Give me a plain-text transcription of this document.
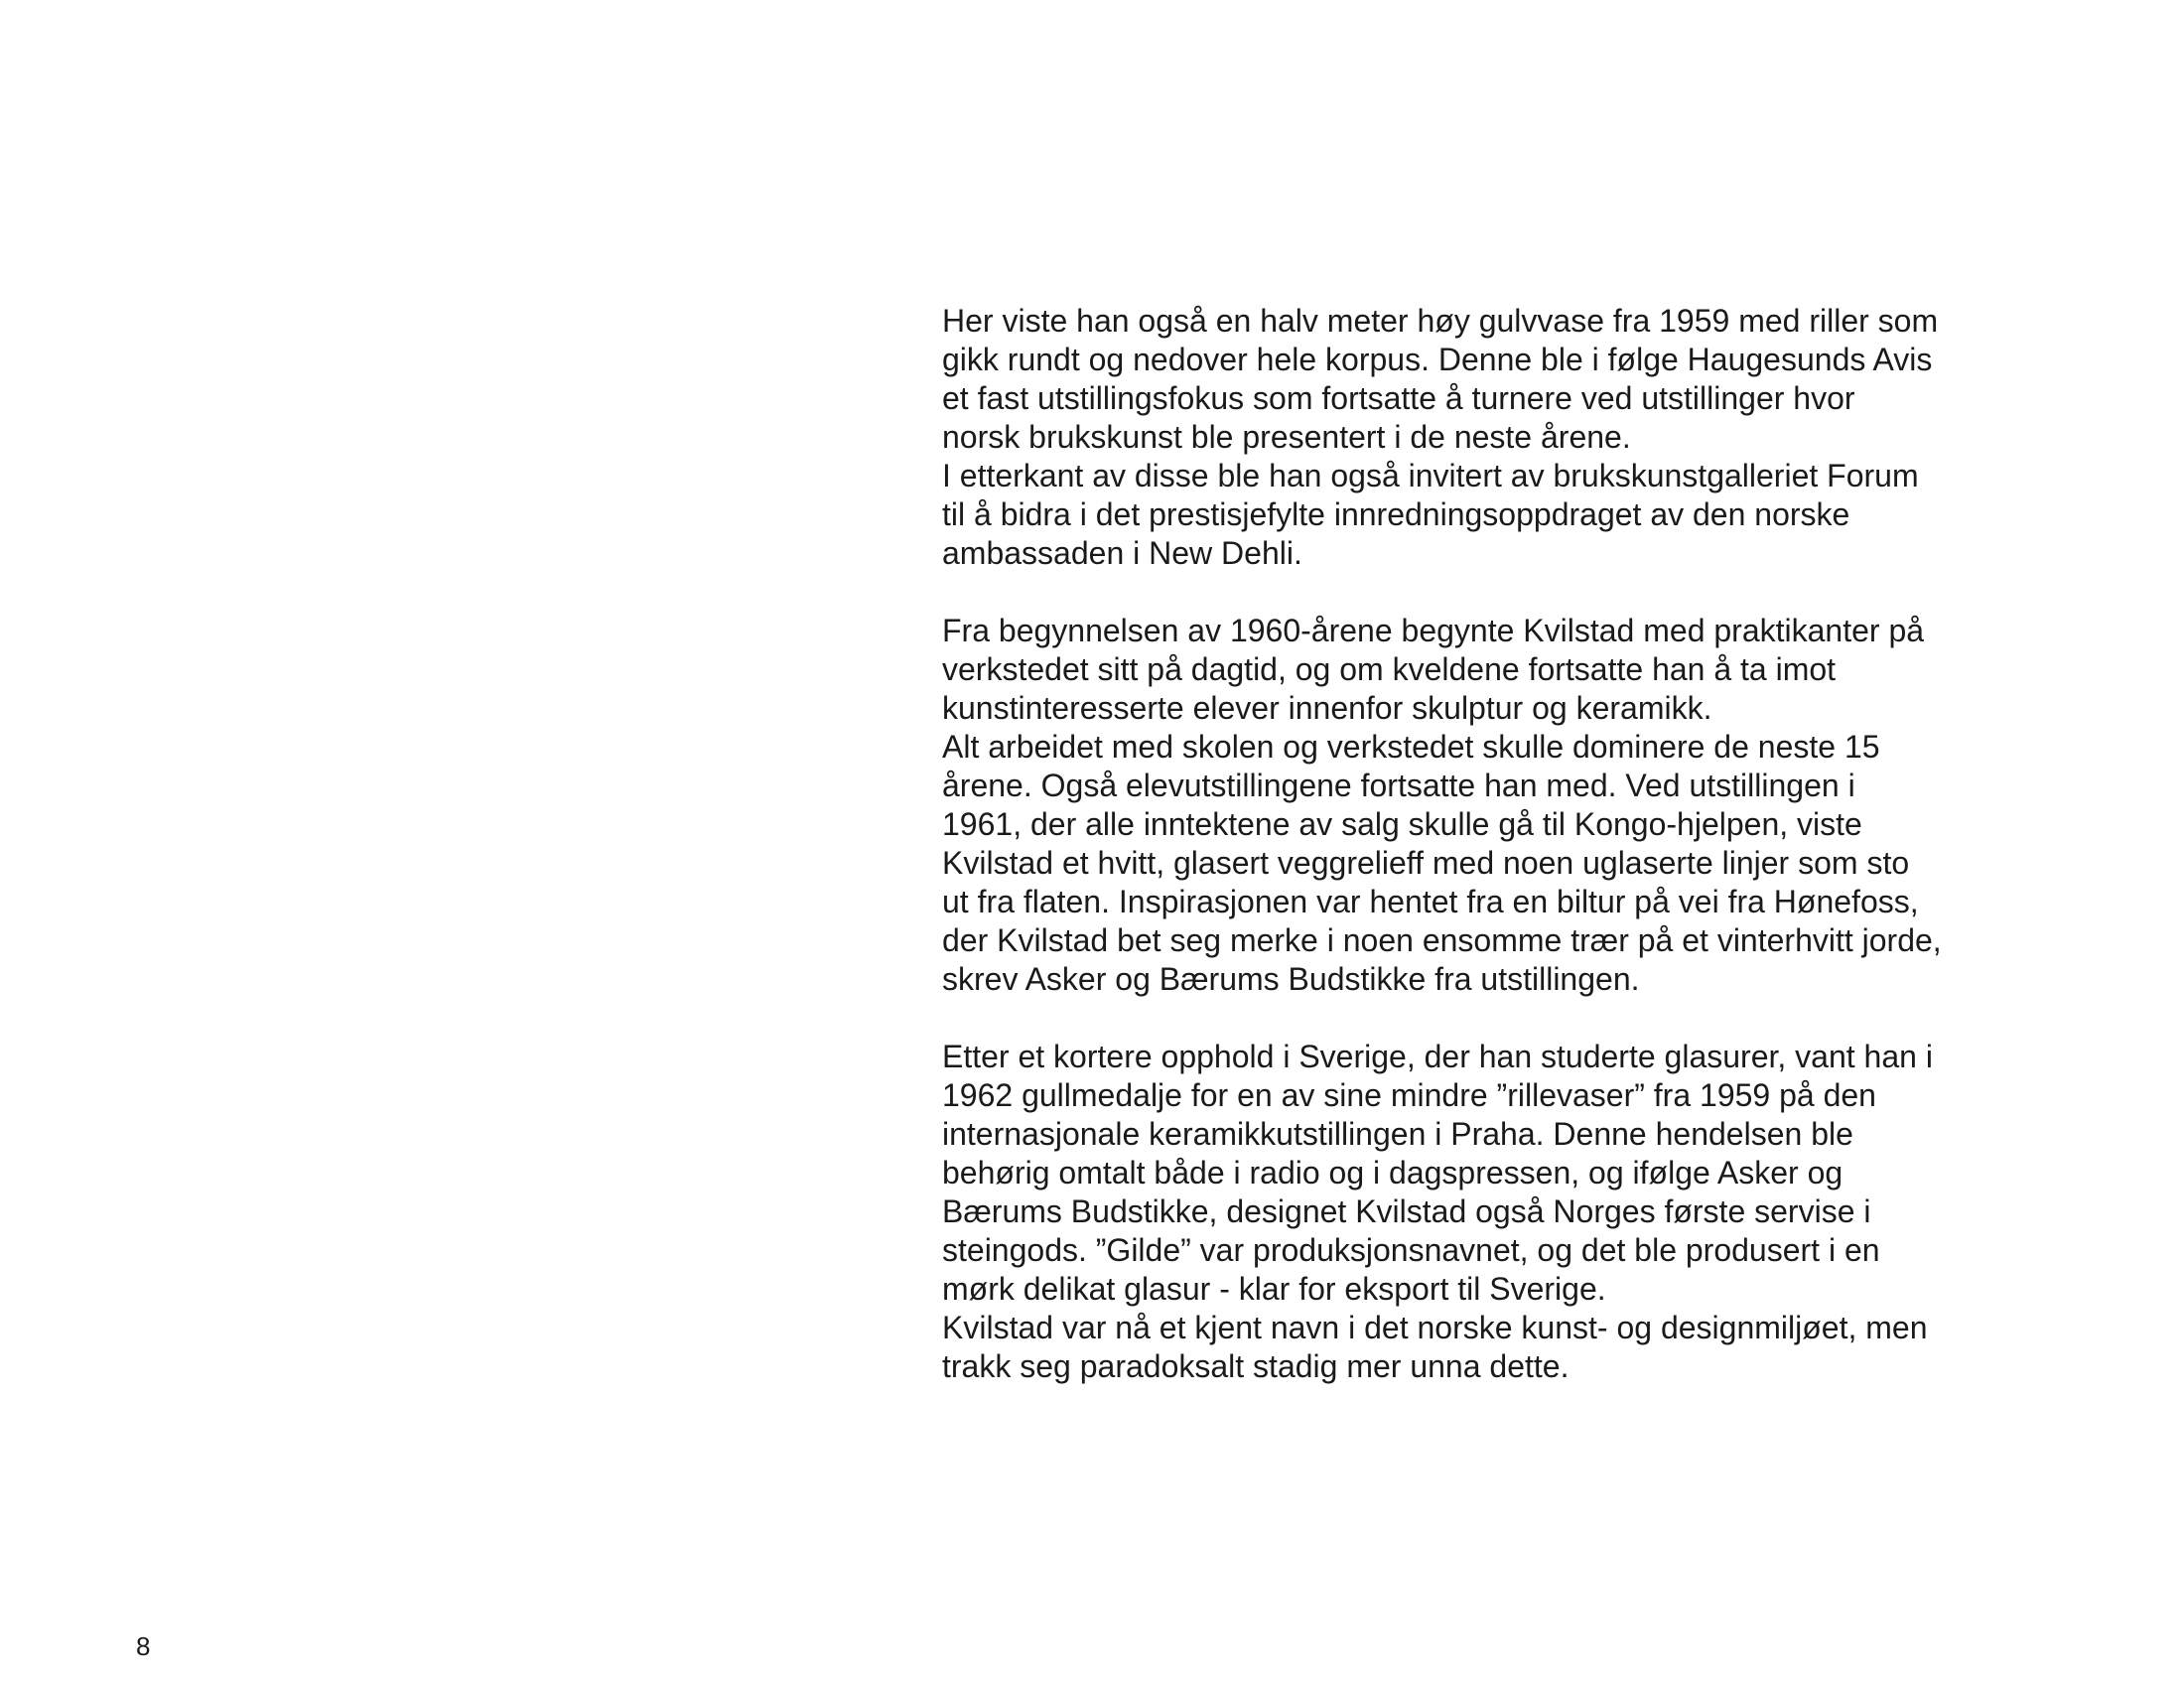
Her viste han også en halv meter høy gulvvase fra 1959 med riller som
gikk rundt og nedover hele korpus. Denne ble i følge Haugesunds Avis
et fast utstillingsfokus som fortsatte å turnere ved utstillinger hvor
norsk brukskunst ble presentert i de neste årene.
I etterkant av disse ble han også invitert av brukskunstgalleriet Forum
til å bidra i det prestisjefylte innredningsoppdraget av den norske
ambassaden i New Dehli.

Fra begynnelsen av 1960-årene begynte Kvilstad med praktikanter på
verkstedet sitt på dagtid, og om kveldene fortsatte han å ta imot
kunstinteresserte elever innenfor skulptur og keramikk.
Alt arbeidet med skolen og verkstedet skulle dominere de neste 15
årene. Også elevutstillingene fortsatte han med. Ved utstillingen i
1961, der alle inntektene av salg skulle gå til Kongo-hjelpen, viste
Kvilstad et hvitt, glasert veggrelieff med noen uglaserte linjer som sto
ut fra flaten. Inspirasjonen var hentet fra en biltur på vei fra Hønefoss,
der Kvilstad bet seg merke i noen ensomme trær på et vinterhvitt jorde,
skrev Asker og Bærums Budstikke fra utstillingen.

Etter et kortere opphold i Sverige, der han studerte glasurer, vant han i
1962 gullmedalje for en av sine mindre ”rillevaser” fra 1959 på den
internasjonale keramikkutstillingen i Praha. Denne hendelsen ble
behørig omtalt både i radio og i dagspressen, og ifølge Asker og
Bærums Budstikke, designet Kvilstad også Norges første servise i
steingods. ”Gilde” var produksjonsnavnet, og det ble produsert i en
mørk delikat glasur - klar for eksport til Sverige.
Kvilstad var nå et kjent navn i det norske kunst- og designmiljøet, men
trakk seg paradoksalt stadig mer unna dette.

8
